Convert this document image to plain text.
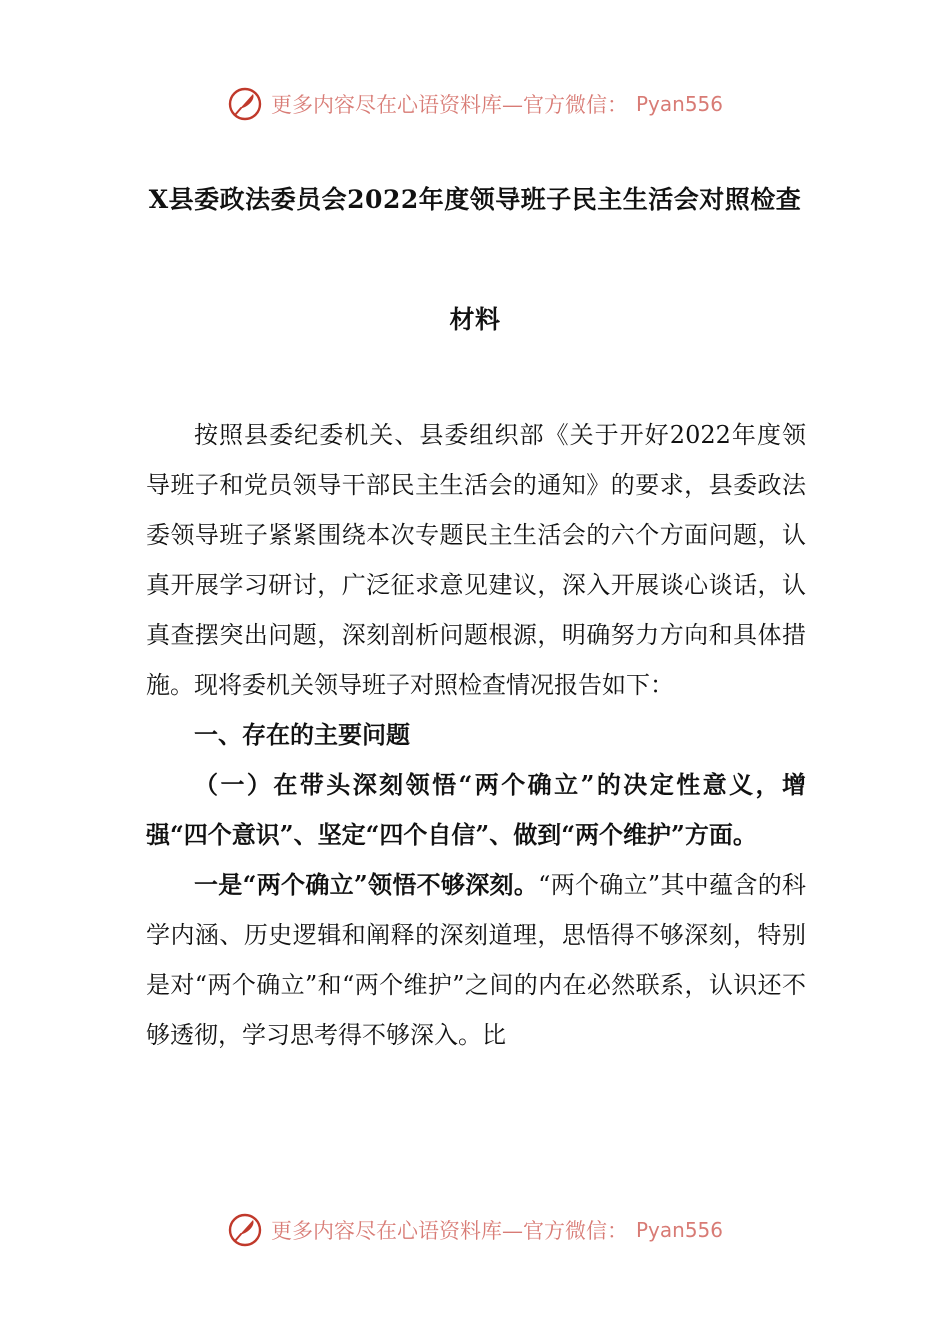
更多内容尽在心语资料库—官方微信： Pyan556
X县委政法委员会2022年度领导班子民主生活会对照检查
材料

按照县委纪委机关、县委组织部《关于开好2022年度领导班子和党员领导干部民主生活会的通知》的要求，县委政法委领导班子紧紧围绕本次专题民主生活会的六个方面问题，认真开展学习研讨，广泛征求意见建议，深入开展谈心谈话，认真查摆突出问题，深刻剖析问题根源，明确努力方向和具体措施。现将委机关领导班子对照检查情况报告如下：

一、存在的主要问题

（一）在带头深刻领悟“两个确立”的决定性意义，增强“四个意识”、坚定“四个自信”、做到“两个维护”方面。

一是“两个确立”领悟不够深刻。“两个确立”其中蕴含的科学内涵、历史逻辑和阐释的深刻道理，思悟得不够深刻，特别是对“两个确立”和“两个维护”之间的内在必然联系，认识还不够透彻，学习思考得不够深入。比

更多内容尽在心语资料库—官方微信： Pyan556
